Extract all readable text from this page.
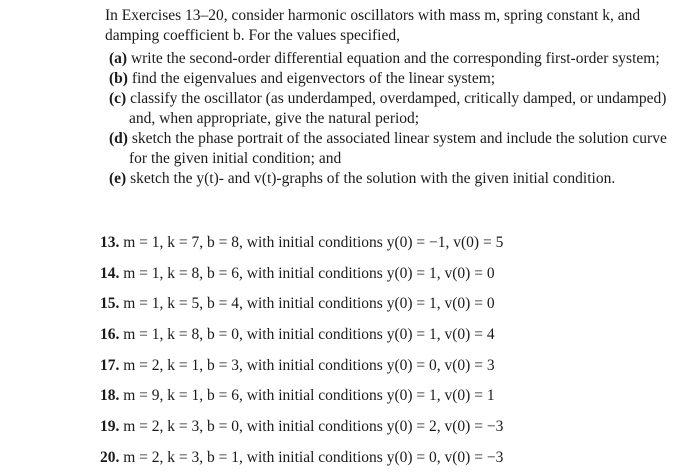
In Exercises 13–20, consider harmonic oscillators with mass m, spring constant k, and damping coefficient b. For the values specified,

(a) write the second-order differential equation and the corresponding first-order system;
(b) find the eigenvalues and eigenvectors of the linear system;
(c) classify the oscillator (as underdamped, overdamped, critically damped, or undamped) and, when appropriate, give the natural period;
(d) sketch the phase portrait of the associated linear system and include the solution curve for the given initial condition; and
(e) sketch the y(t)- and v(t)-graphs of the solution with the given initial condition.
13. m = 1, k = 7, b = 8, with initial conditions y(0) = −1, v(0) = 5
14. m = 1, k = 8, b = 6, with initial conditions y(0) = 1, v(0) = 0
15. m = 1, k = 5, b = 4, with initial conditions y(0) = 1, v(0) = 0
16. m = 1, k = 8, b = 0, with initial conditions y(0) = 1, v(0) = 4
17. m = 2, k = 1, b = 3, with initial conditions y(0) = 0, v(0) = 3
18. m = 9, k = 1, b = 6, with initial conditions y(0) = 1, v(0) = 1
19. m = 2, k = 3, b = 0, with initial conditions y(0) = 2, v(0) = −3
20. m = 2, k = 3, b = 1, with initial conditions y(0) = 0, v(0) = −3
